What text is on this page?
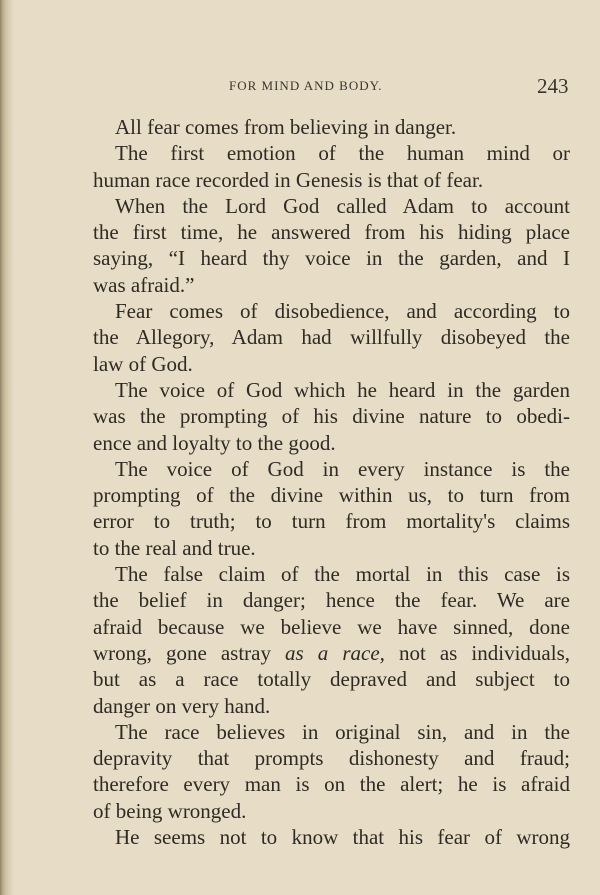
FOR MIND AND BODY.	243
All fear comes from believing in danger.
The first emotion of the human mind or
human race recorded in Genesis is that of fear.
When the Lord God called Adam to account
the first time, he answered from his hiding place
saying, “I heard thy voice in the garden, and I
was afraid.”
Fear comes of disobedience, and according to
the Allegory, Adam had willfully disobeyed the
law of God.
The voice of God which he heard in the garden
was the prompting of his divine nature to obedi-
ence and loyalty to the good.
The voice of God in every instance is the
prompting of the divine within us, to turn from
error to truth; to turn from mortality's claims
to the real and true.
The false claim of the mortal in this case is
the belief in danger; hence the fear. We are
afraid because we believe we have sinned, done
wrong, gone astray as a race, not as individuals,
but as a race totally depraved and subject to
danger on very hand.
The race believes in original sin, and in the
depravity that prompts dishonesty and fraud;
therefore every man is on the alert; he is afraid
of being wronged.
He seems not to know that his fear of wrong
